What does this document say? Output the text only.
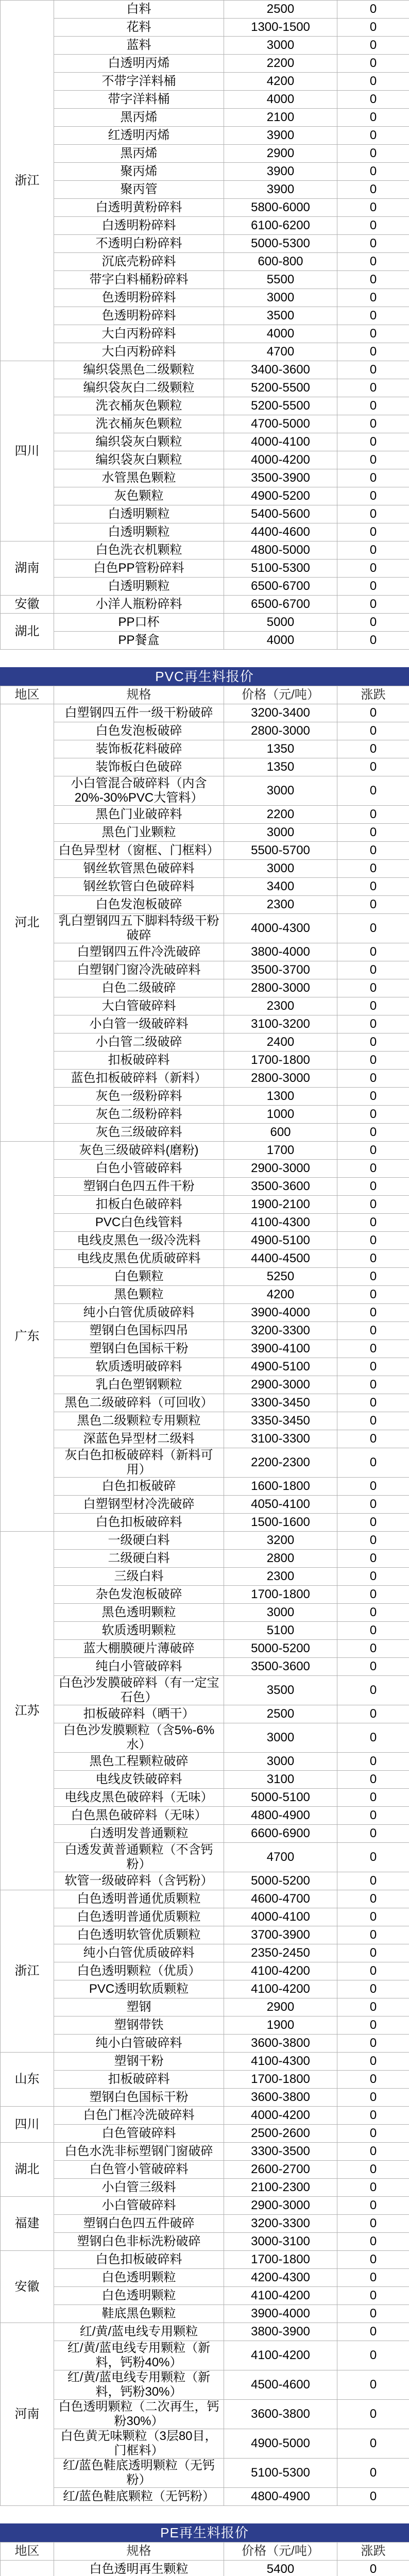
浙江	白料	2500	0
	花料	1300-1500	0
	蓝料	3000	0
	白透明丙烯	2200	0
	不带字洋料桶	4200	0
	带字洋料桶	4000	0
	黑丙烯	2100	0
	红透明丙烯	3900	0
	黑丙烯	2900	0
	聚丙烯	3900	0
	聚丙管	3900	0
	白透明黄粉碎料	5800-6000	0
	白透明粉碎料	6100-6200	0
	不透明白粉碎料	5000-5300	0
	沉底壳粉碎料	600-800	0
	带字白料桶粉碎料	5500	0
	色透明粉碎料	3000	0
	色透明粉碎料	3500	0
	大白丙粉碎料	4000	0
	大白丙粉碎料	4700	0
四川	编织袋黑色二级颗粒	3400-3600	0
	编织袋灰白二级颗粒	5200-5500	0
	洗衣桶灰色颗粒	5200-5500	0
	洗衣桶灰色颗粒	4700-5000	0
	编织袋灰白颗粒	4000-4100	0
	编织袋灰白颗粒	4000-4200	0
	水管黑色颗粒	3500-3900	0
	灰色颗粒	4900-5200	0
	白透明颗粒	5400-5600	0
	白透明颗粒	4400-4600	0
湖南	白色洗衣机颗粒	4800-5000	0
	白色PP管粉碎料	5100-5300	0
	白透明颗粒	6500-6700	0
安徽	小洋人瓶粉碎料	6500-6700	0
湖北	PP口杯	5000	0
	PP餐盒	4000	0
PVC再生料报价
地区	规格	价格（元/吨）	涨跌
河北	白塑钢四五件一级干粉破碎	3200-3400	0
	白色发泡板破碎	2800-3000	0
	装饰板花料破碎	1350	0
	装饰板白色破碎	1350	0
	小白管混合破碎料（内含20%-30%PVC大管料）	3000	0
	黑色门业破碎料	2200	0
	黑色门业颗粒	3000	0
	白色异型材（窗框、门框料）	5500-5700	0
	钢丝软管黑色破碎料	3000	0
	钢丝软管白色破碎料	3400	0
	白色发泡板破碎	2300	0
	乳白塑钢四五下脚料特级干粉破碎	4000-4300	0
	白塑钢四五件冷洗破碎	3800-4000	0
	白塑钢门窗冷洗破碎料	3500-3700	0
	白色二级破碎	2800-3000	0
	大白管破碎料	2300	0
	小白管一级破碎料	3100-3200	0
	小白管二级破碎	2400	0
	扣板破碎料	1700-1800	0
	蓝色扣板破碎料（新料）	2800-3000	0
	灰色一级粉碎料	1300	0
	灰色二级粉碎料	1000	0
	灰色三级破碎料	600	0
广东	灰色三级破碎料(磨粉)	1700	0
	白色小管破碎料	2900-3000	0
	塑钢白色四五件干粉	3500-3600	0
	扣板白色破碎料	1900-2100	0
	PVC白色线管料	4100-4300	0
	电线皮黑色一级冷洗料	4900-5100	0
	电线皮黑色优质破碎料	4400-4500	0
	白色颗粒	5250	0
	黑色颗粒	4200	0
	纯小白管优质破碎料	3900-4000	0
	塑钢白色国标四吊	3200-3300	0
	塑钢白色国标干粉	3900-4100	0
	软质透明破碎料	4900-5100	0
	乳白色塑钢颗粒	2900-3000	0
	黑色二级破碎料（可回收）	3300-3450	0
	黑色二级颗粒专用颗粒	3350-3450	0
	深蓝色异型材二级料	3100-3300	0
	灰白色扣板破碎料（新料可用）	2200-2300	0
	白色扣板破碎	1600-1800	0
	白塑钢型材冷洗破碎	4050-4100	0
	白色扣板破碎料	1500-1600	0
江苏	一级硬白料	3200	0
	二级硬白料	2800	0
	三级白料	2300	0
	杂色发泡板破碎	1700-1800	0
	黑色透明颗粒	3000	0
	软质透明颗粒	5100	0
	蓝大棚膜硬片薄破碎	5000-5200	0
	纯白小管破碎料	3500-3600	0
	白色沙发膜破碎料（有一定宝石色）	3500	0
	扣板破碎料（晒干）	2500	0
	白色沙发膜颗粒（含5%-6%水）	3000	0
	黑色工程颗粒破碎	3000	0
	电线皮铁破碎料	3100	0
	电线皮黑色破碎料（无味）	5000-5100	0
	白色黑色破碎料（无味）	4800-4900	0
	白透明发普通颗粒	6600-6900	0
	白透发黄普通颗粒（不含钙粉）	4700	0
	软管一级破碎料（含钙粉）	5000-5200	0
浙江	白色透明普通优质颗粒	4600-4700	0
	白色透明普通优质颗粒	4000-4100	0
	白色透明软管优质颗粒	3700-3900	0
	纯小白管优质破碎料	2350-2450	0
	白色透明颗粒（优质）	4100-4200	0
	PVC透明软质颗粒	4100-4200	0
	塑钢	2900	0
	塑钢带铁	1900	0
	纯小白管破碎料	3600-3800	0
山东	塑钢干粉	4100-4300	0
	扣板破碎料	1700-1800	0
	塑钢白色国标干粉	3600-3800	0
四川	白色门框冷洗破碎料	4000-4200	0
	白色管破碎料	2500-2600	0
湖北	白色水洗非标塑钢门窗破碎	3300-3500	0
	白色管小管破碎料	2600-2700	0
	小白管三级料	2100-2300	0
福建	小白管破碎料	2900-3000	0
	塑钢白色四五件破碎	3200-3300	0
	塑钢白色非标洗粉破碎	3000-3100	0
安徽	白色扣板破碎料	1700-1800	0
	白色透明颗粒	4200-4300	0
	白色透明颗粒	4100-4200	0
	鞋底黑色颗粒	3900-4000	0
河南	红/黄/蓝电线专用颗粒	3800-3900	0
	红/黄/蓝电线专用颗粒（新料，钙粉40%）	4100-4200	0
	红/黄/蓝电线专用颗粒（新料，钙粉30%）	4500-4600	0
	白色透明颗粒（二次再生，钙粉30%）	3600-3800	0
	白色黄无味颗粒（3层80目，门框料）	4900-5000	0
	红/蓝色鞋底透明颗粒（无钙粉）	5100-5300	0
	红/蓝色鞋底颗粒（无钙粉）	4800-4900	0
PE再生料报价
地区	规格	价格（元/吨）	涨跌
	白色透明再生颗粒	5400	0
